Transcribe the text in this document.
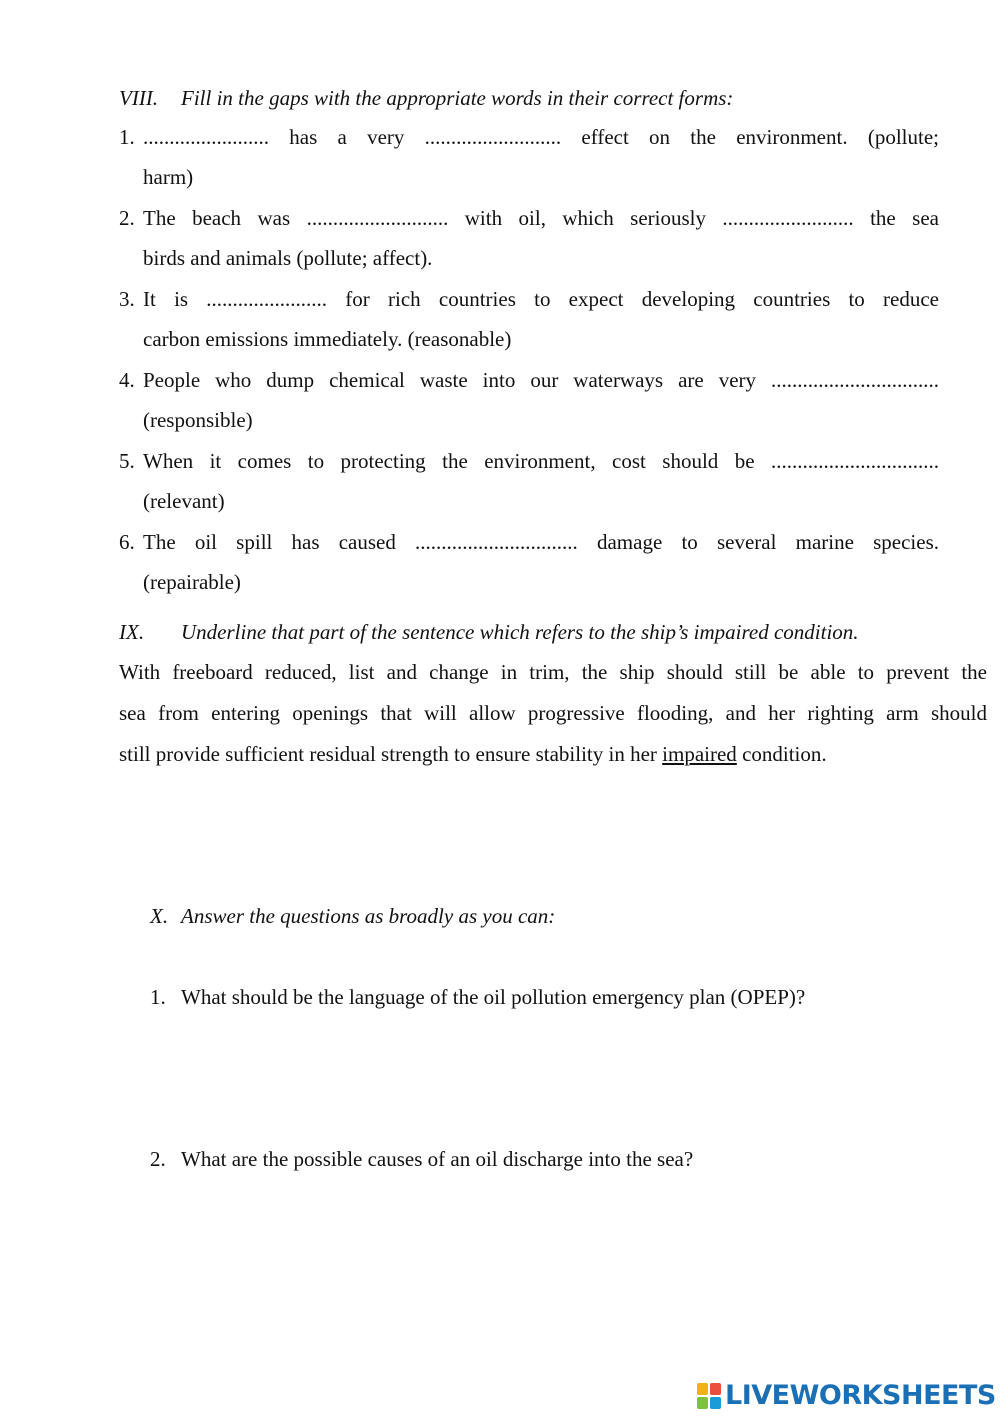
VIII. Fill in the gaps with the appropriate words in their correct forms:
1. ........................ has a very .......................... effect on the environment. (pollute;
harm)
2. The beach was ........................... with oil, which seriously ......................... the sea
birds and animals (pollute; affect).
3. It is ....................... for rich countries to expect developing countries to reduce
carbon emissions immediately. (reasonable)
4. People who dump chemical waste into our waterways are very ................................
(responsible)
5. When it comes to protecting the environment, cost should be ................................
(relevant)
6. The oil spill has caused ............................... damage to several marine species.
(repairable)
IX. Underline that part of the sentence which refers to the ship’s impaired condition.
With freeboard reduced, list and change in trim, the ship should still be able to prevent the
sea from entering openings that will allow progressive flooding, and her righting arm should
still provide sufficient residual strength to ensure stability in her impaired condition.
X. Answer the questions as broadly as you can:
1. What should be the language of the oil pollution emergency plan (OPEP)?
2. What are the possible causes of an oil discharge into the sea?
LIVEWORKSHEETS
